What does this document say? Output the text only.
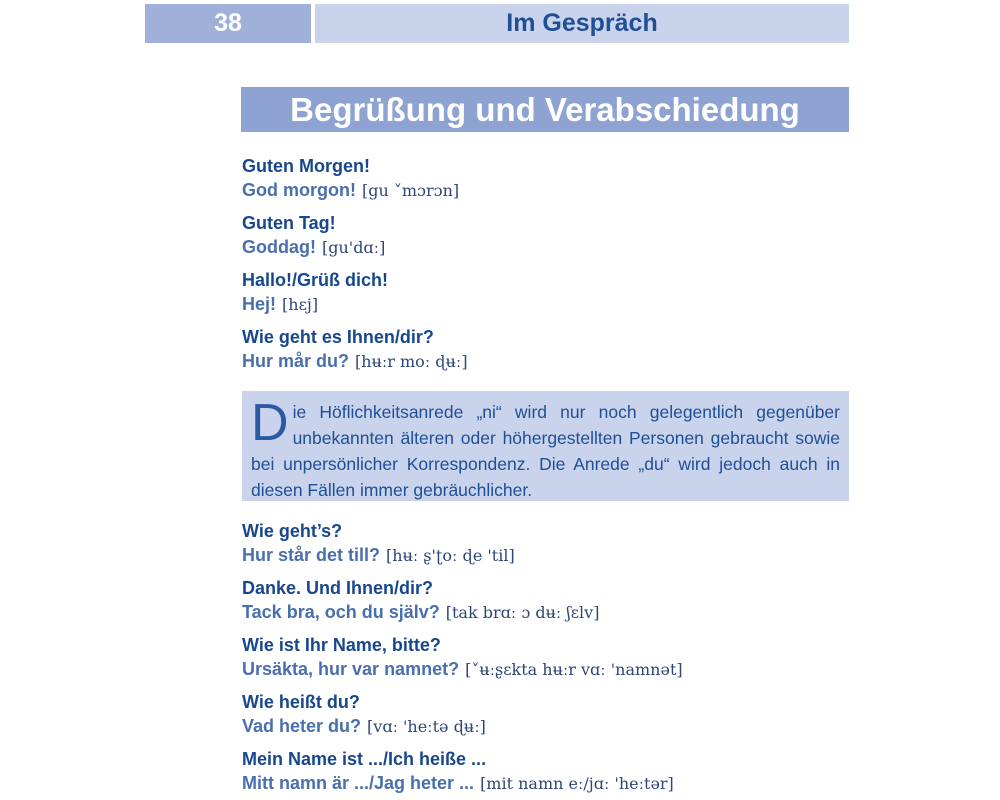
38	Im Gespräch
Begrüßung und Verabschiedung
Guten Morgen!
God morgon! [gu ˅mɔrɔn]
Guten Tag!
Goddag! [gu'dɑː]
Hallo!/Grüß dich!
Hej! [hɛj]
Wie geht es Ihnen/dir?
Hur mår du? [hʉːr moː ɖʉː]
Die Höflichkeitsanrede „ni“ wird nur noch gelegentlich gegenüber unbekannten älteren oder höhergestellten Personen gebraucht sowie bei unpersönlicher Korrespondenz. Die Anrede „du“ wird jedoch auch in diesen Fällen immer gebräuchlicher.
Wie geht’s?
Hur står det till? [hʉː ʂ'ʈoː ɖe 'til]
Danke. Und Ihnen/dir?
Tack bra, och du själv? [tak brɑː ɔ dʉː ʃɛlv]
Wie ist Ihr Name, bitte?
Ursäkta, hur var namnet? [˅ʉːʂɛkta hʉːr vɑː 'namnət]
Wie heißt du?
Vad heter du? [vɑː 'heːtə ɖʉː]
Mein Name ist .../Ich heiße ...
Mitt namn är .../Jag heter ... [mit namn eː/jɑː 'heːtər]
